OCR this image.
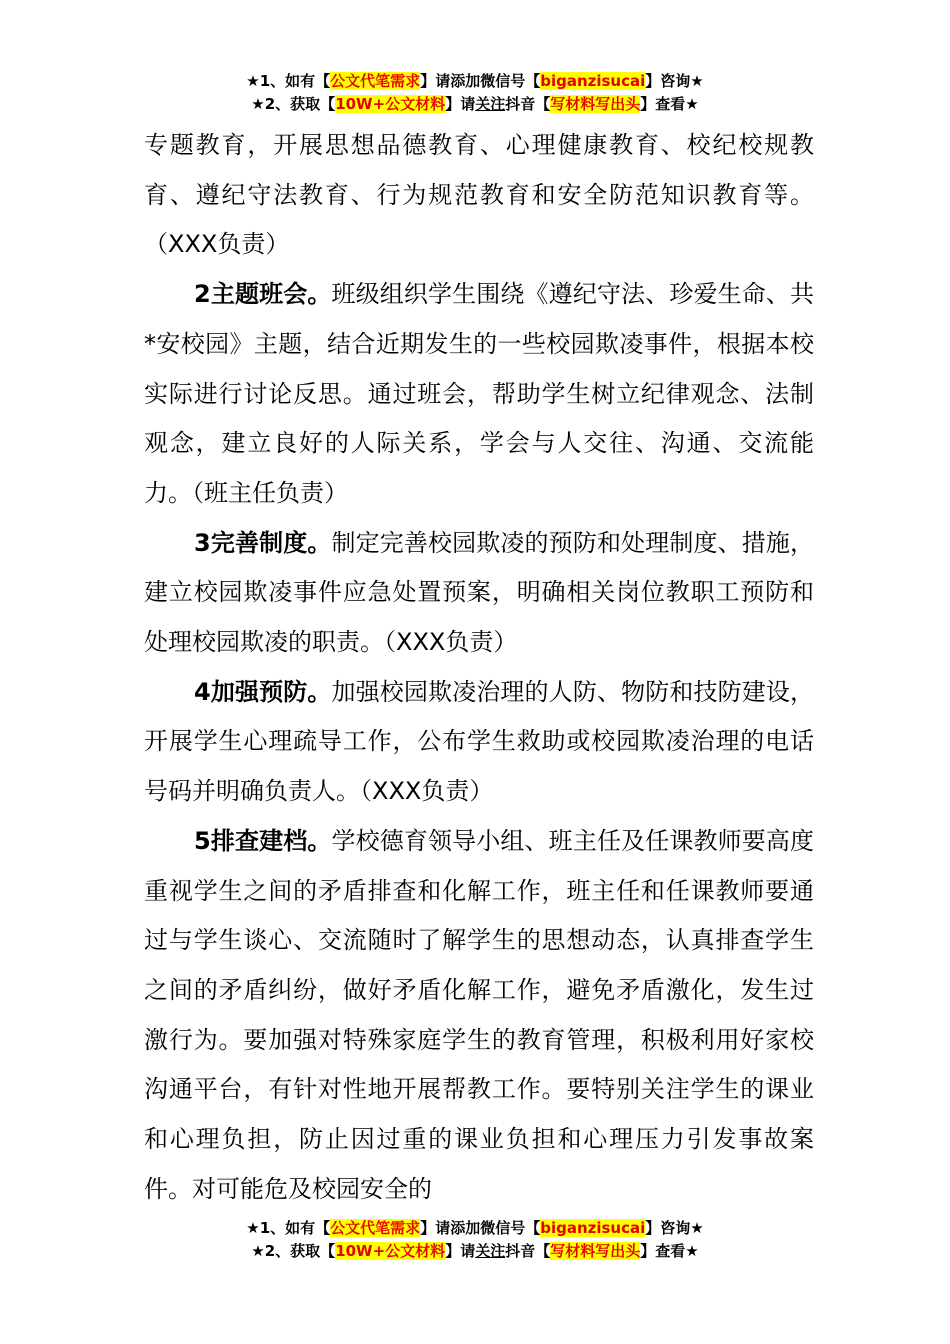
★1、如有【公文代笔需求】请添加微信号【biganzisucai】咨询★
★2、获取【10W+公文材料】请关注抖音【写材料写出头】查看★

专题教育，开展思想品德教育、心理健康教育、校纪校规教育、遵纪守法教育、行为规范教育和安全防范知识教育等。（XXX负责）

2主题班会。班级组织学生围绕《遵纪守法、珍爱生命、共*安校园》主题，结合近期发生的一些校园欺凌事件，根据本校实际进行讨论反思。通过班会，帮助学生树立纪律观念、法制观念，建立良好的人际关系，学会与人交往、沟通、交流能力。（班主任负责）

3完善制度。制定完善校园欺凌的预防和处理制度、措施，建立校园欺凌事件应急处置预案，明确相关岗位教职工预防和处理校园欺凌的职责。（XXX负责）

4加强预防。加强校园欺凌治理的人防、物防和技防建设，开展学生心理疏导工作，公布学生救助或校园欺凌治理的电话号码并明确负责人。（XXX负责）

5排查建档。学校德育领导小组、班主任及任课教师要高度重视学生之间的矛盾排查和化解工作，班主任和任课教师要通过与学生谈心、交流随时了解学生的思想动态，认真排查学生之间的矛盾纠纷，做好矛盾化解工作，避免矛盾激化，发生过激行为。要加强对特殊家庭学生的教育管理，积极利用好家校沟通平台，有针对性地开展帮教工作。要特别关注学生的课业和心理负担，防止因过重的课业负担和心理压力引发事故案件。对可能危及校园安全的

★1、如有【公文代笔需求】请添加微信号【biganzisucai】咨询★
★2、获取【10W+公文材料】请关注抖音【写材料写出头】查看★
